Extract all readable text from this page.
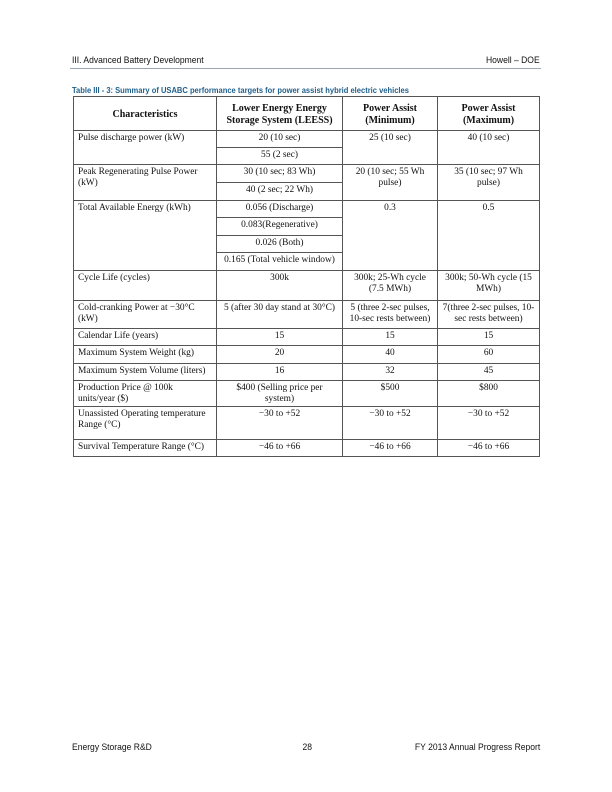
III. Advanced Battery Development	Howell – DOE
Table III - 3: Summary of USABC performance targets for power assist hybrid electric vehicles
Characteristics	Lower Energy Energy Storage System (LEESS)	Power Assist (Minimum)	Power Assist (Maximum)
Pulse discharge power (kW)	20 (10 sec)	25 (10 sec)	40 (10 sec)
	55 (2 sec)		
Peak Regenerating Pulse Power (kW)	30 (10 sec; 83 Wh)	20 (10 sec; 55 Wh pulse)	35 (10 sec; 97 Wh pulse)
	40 (2 sec; 22 Wh)		
Total Available Energy (kWh)	0.056 (Discharge)	0.3	0.5
	0.083(Regenerative)		
	0.026 (Both)		
	0.165 (Total vehicle window)		
Cycle Life (cycles)	300k	300k; 25-Wh cycle (7.5 MWh)	300k; 50-Wh cycle (15 MWh)
Cold-cranking Power at −30°C (kW)	5 (after 30 day stand at 30°C)	5 (three 2-sec pulses, 10-sec rests between)	7(three 2-sec pulses, 10-sec rests between)
Calendar Life (years)	15	15	15
Maximum System Weight (kg)	20	40	60
Maximum System Volume (liters)	16	32	45
Production Price @ 100k units/year ($)	$400 (Selling price per system)	$500	$800
Unassisted Operating temperature Range (°C)	−30 to +52	−30 to +52	−30 to +52
Survival Temperature Range (°C)	−46 to +66	−46 to +66	−46 to +66
Energy Storage R&D	28	FY 2013 Annual Progress Report
